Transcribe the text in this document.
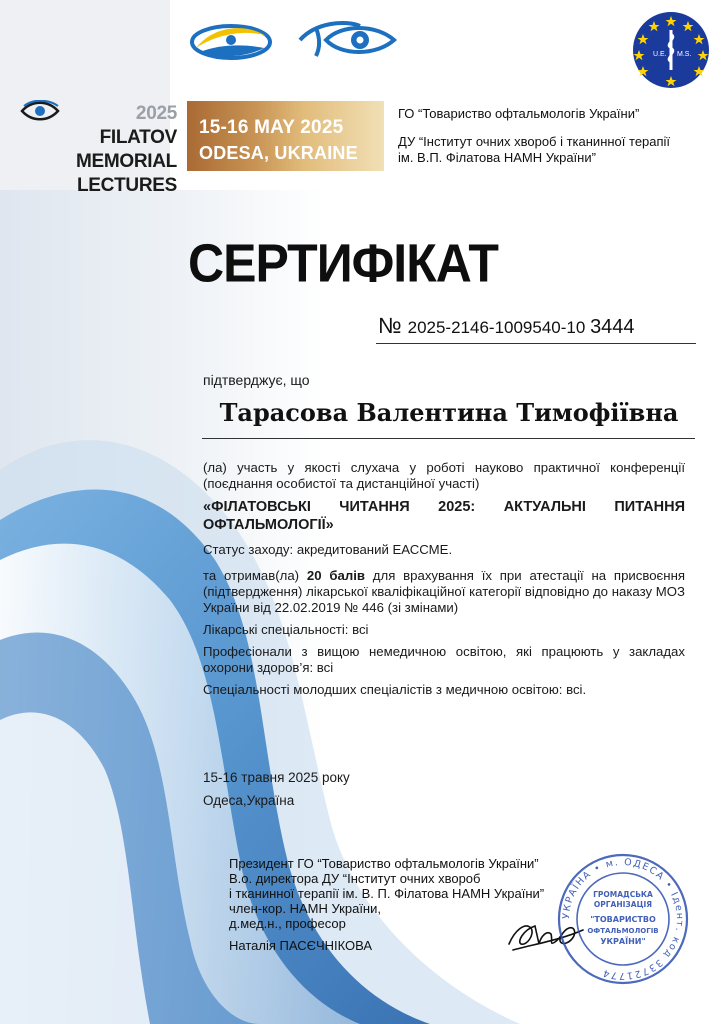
U.E. M.S.
2025 FILATOV
MEMORIAL
LECTURES
15-16 MAY 2025
ODESA, UKRAINE

ГО “Товариство офтальмологів України”

ДУ “Інститут очних хвороб і тканинної терапії
ім. В.П. Філатова НАМН України”

СЕРТИФІКАТ
№ 2025-2146-1009540-10 3444
підтверджує, що
Тарасова Валентина Тимофіївна

(ла) участь у якості слухача у роботі науково практичної конференції (поєднання особистої та дистанційної участі)

«ФІЛАТОВСЬКІ ЧИТАННЯ 2025: АКТУАЛЬНІ ПИТАННЯ ОФТАЛЬМОЛОГІЇ»

Статус заходу: акредитований ЕАССМЕ.

та отримав(ла) 20 балів для врахування їх при атестації на присвоєння (підтвердження) лікарської кваліфікаційної категорії відповідно до наказу МОЗ України від 22.02.2019 № 446 (зі змінами)

Лікарські спеціальності: всі

Професіонали з вищою немедичною освітою, які працюють у закладах охорони здоров’я: всі

Спеціальності молодших спеціалістів з медичною освітою: всі.

15-16 травня 2025 року
Одеса,Україна
Президент ГО “Товариство офтальмологів України”
В.о. директора ДУ “Інститут очних хвороб
і тканинної терапії ім. В. П. Філатова НАМН України”
член-кор. НАМН України,
д.мед.н., професор
Наталія ПАСЄЧНІКОВА
УКРАЇНА • м. ОДЕСА • Ідент. код 33721774
ГРОМАДСЬКА
ОРГАНІЗАЦІЯ
"ТОВАРИСТВО
ОФТАЛЬМОЛОГІВ
УКРАЇНИ"
